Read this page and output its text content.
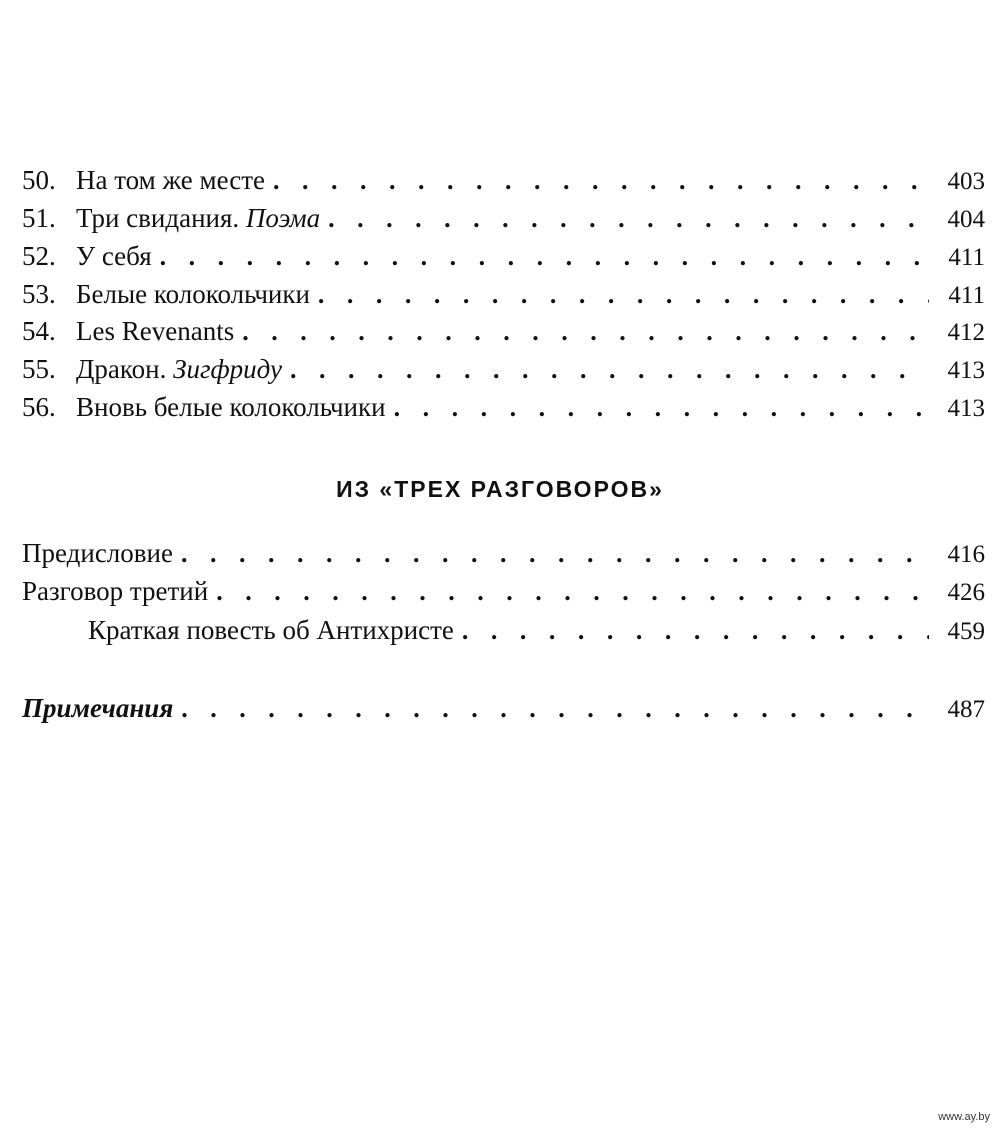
50. На том же месте . . .	403
51. Три свидания. Поэма . . .	404
52. У себя . . .	411
53. Белые колокольчики . . .	411
54. Les Revenants . . .	412
55. Дракон. Зигфриду . . .	413
56. Вновь белые колокольчики . . .	413
ИЗ «ТРЕХ РАЗГОВОРОВ»
Предисловие . . .	416
Разговор третий . . .	426
Краткая повесть об Антихристе . . .	459
Примечания . . .	487
www.ay.by
